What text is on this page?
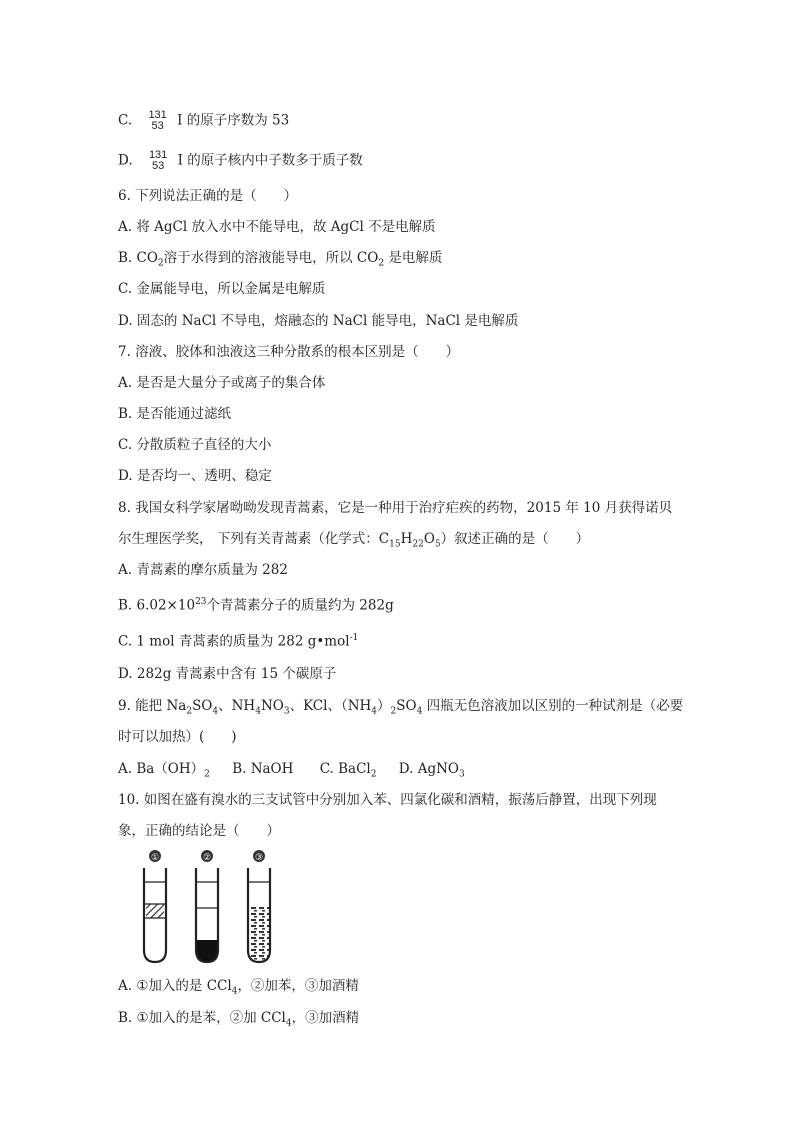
C. 131
53 I 的原子序数为 53
D. 131
53 I 的原子核内中子数多于质子数
6. 下列说法正确的是（　　）
A. 将 AgCl 放入水中不能导电，故 AgCl 不是电解质
B. $CO_2$溶于水得到的溶液能导电，所以 $CO_2$ 是电解质
C. 金属能导电，所以金属是电解质
D. 固态的 NaCl 不导电，熔融态的 NaCl 能导电，NaCl 是电解质
7. 溶液、胶体和浊液这三种分散系的根本区别是（　　）
A. 是否是大量分子或离子的集合体
B. 是否能通过滤纸
C. 分散质粒子直径的大小
D. 是否均一、透明、稳定
8. 我国女科学家屠呦呦发现青蒿素，它是一种用于治疗疟疾的药物，2015 年 10 月获得诺贝
尔生理医学奖， 下列有关青蒿素（化学式：$C_{15}H_{22}O_5$）叙述正确的是（　　）
A. 青蒿素的摩尔质量为 282
B. $6.02\times 10^{23}$个青蒿素分子的质量约为 282g
C. 1 mol 青蒿素的质量为 282 g•mol$^{-1}$
D. 282g 青蒿素中含有 15 个碳原子
9. 能把 $Na_2SO_4$、$NH_4NO_3$、KCl、$(NH_4)_2SO_4$ 四瓶无色溶液加以区别的一种试剂是（必要
时可以加热）(　　)
A. $Ba(OH)_2$ B. NaOH C. BaCl$_2$ D. AgNO$_3$
10. 如图在盛有溴水的三支试管中分别加入苯、四氯化碳和酒精，振荡后静置，出现下列现
象，正确的结论是（　　）
①	②	③
A. ①加入的是 CCl$_4$，②加苯，③加酒精
B. ①加入的是苯，②加 CCl$_4$，③加酒精
